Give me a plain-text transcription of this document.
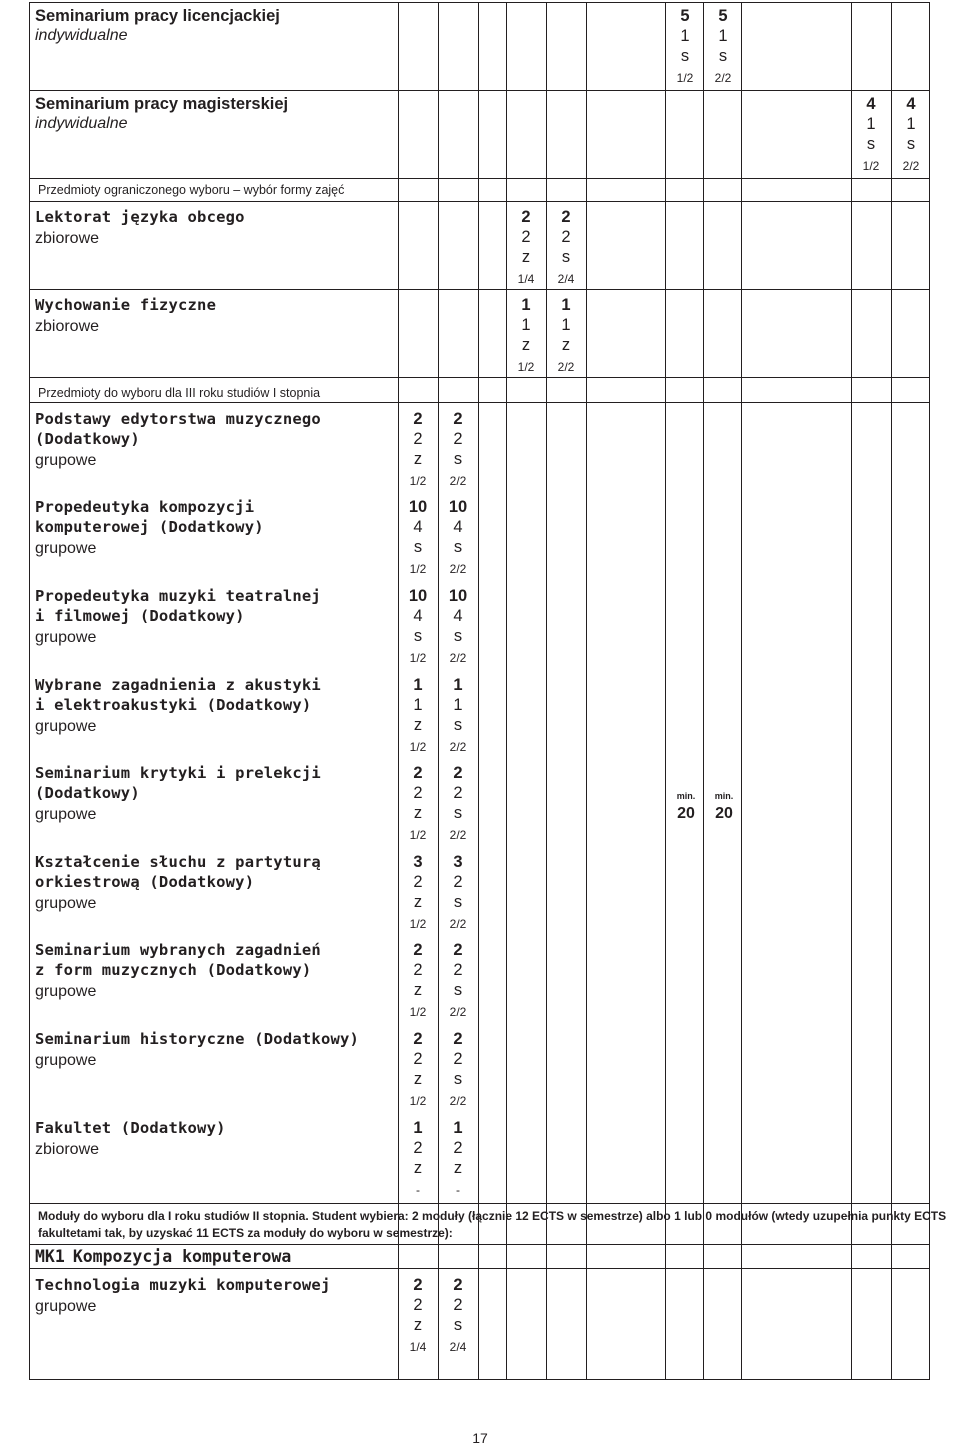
Przedmioty ograniczonego wyboru – wybór formy zajęć
Przedmioty do wyboru dla III roku studiów I stopnia
Moduły do wyboru dla I roku studiów II stopnia. Student wybiera: 2 moduły (łącznie 12 ECTS w semestrze) albo 1 lub 0 modułów (wtedy uzupełnia punkty ECTS fakultetami tak, by uzyskać 11 ECTS za moduły do wyboru w semestrze):
Seminarium pracy licencjackiej
indywidualne
Seminarium pracy magisterskiej
indywidualne
Lektorat języka obcego
zbiorowe
Wychowanie fizyczne
zbiorowe
Podstawy edytorstwa muzycznego
(Dodatkowy)
grupowe
Propedeutyka kompozycji
komputerowej (Dodatkowy)
grupowe
Propedeutyka muzyki teatralnej
i filmowej (Dodatkowy)
grupowe
Wybrane zagadnienia z akustyki
i elektroakustyki (Dodatkowy)
grupowe
Seminarium krytyki i prelekcji
(Dodatkowy)
grupowe
Kształcenie słuchu z partyturą
orkiestrową (Dodatkowy)
grupowe
Seminarium wybranych zagadnień
z form muzycznych (Dodatkowy)
grupowe
Seminarium historyczne (Dodatkowy)
grupowe
Fakultet (Dodatkowy)
zbiorowe
MK1 Kompozycja komputerowa
Technologia muzyki komputerowej
grupowe
5
1
s
1/2
5
1
s
2/2
4
1
s
1/2
4
1
s
2/2
2
2
z
1/4
2
2
s
2/4
1
1
z
1/2
1
1
z
2/2
2
2
z
1/2
2
2
s
2/2
10
4
s
1/2
10
4
s
2/2
10
4
s
1/2
10
4
s
2/2
1
1
z
1/2
1
1
s
2/2
2
2
z
1/2
2
2
s
2/2
3
2
z
1/2
3
2
s
2/2
2
2
z
1/2
2
2
s
2/2
2
2
z
1/2
2
2
s
2/2
1
2
z
-
1
2
z
-
2
2
z
1/4
2
2
s
2/4
min.
20
min.
20
17
